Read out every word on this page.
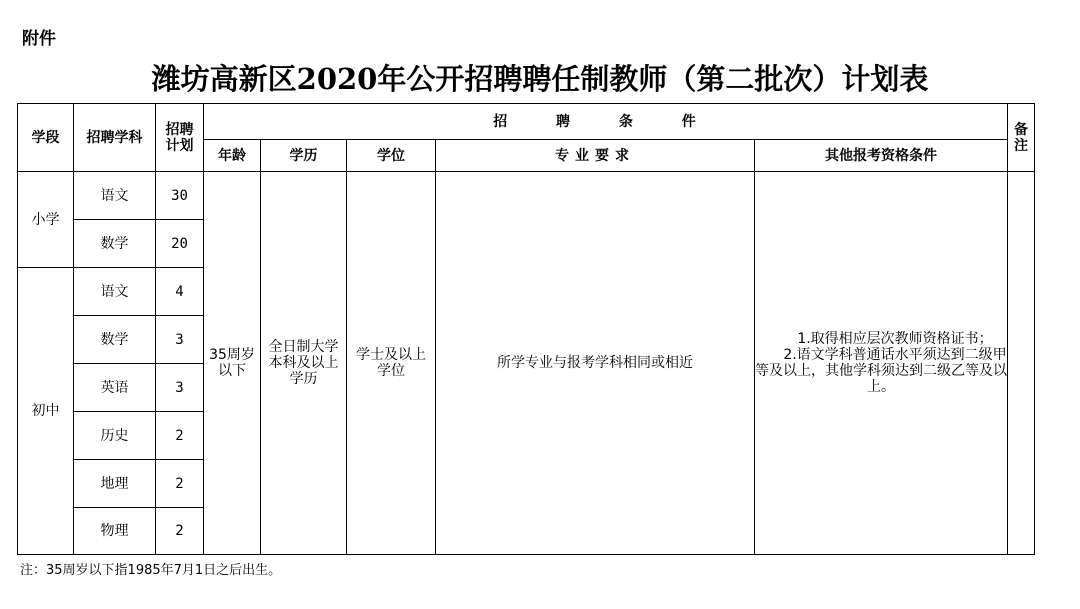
附件
潍坊高新区2020年公开招聘聘任制教师（第二批次）计划表
学段	招聘学科	招聘
计划	招 聘 条 件					备 注
			年龄	学历	学位	专业要求	其他报考资格条件	
小学	语文	30	35周岁以下	全日制大学本科及以上学历	学士及以上学位	所学专业与报考学科相同或相近	1.取得相应层次教师资格证书；
2.语文学科普通话水平须达到二级甲等及以上，其他学科须达到二级乙等及以上。	

	数学	20						
初中	语文	4						
	数学	3						
	英语	3						
	历史	2						
	地理	2						
	物理	2						
注：35周岁以下指1985年7月1日之后出生。
